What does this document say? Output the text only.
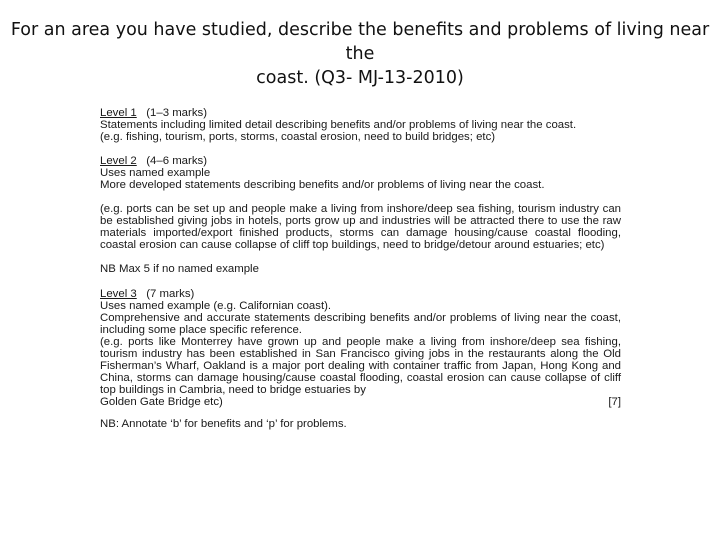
For an area you have studied, describe the benefits and problems of living near the
coast. (Q3- MJ-13-2010)

Level 1 (1–3 marks)

Statements including limited detail describing benefits and/or problems of living near the coast.

(e.g. fishing, tourism, ports, storms, coastal erosion, need to build bridges; etc)

Level 2 (4–6 marks)

Uses named example

More developed statements describing benefits and/or problems of living near the coast.

(e.g. ports can be set up and people make a living from inshore/deep sea fishing, tourism industry can be established giving jobs in hotels, ports grow up and industries will be attracted there to use the raw materials imported/export finished products, storms can damage housing/cause coastal flooding, coastal erosion can cause collapse of cliff top buildings, need to bridge/detour around estuaries; etc)

NB Max 5 if no named example

Level 3 (7 marks)

Uses named example (e.g. Californian coast).

Comprehensive and accurate statements describing benefits and/or problems of living near the coast, including some place specific reference.

(e.g. ports like Monterrey have grown up and people make a living from inshore/deep sea fishing, tourism industry has been established in San Francisco giving jobs in the restaurants along the Old Fisherman’s Wharf, Oakland is a major port dealing with container traffic from Japan, Hong Kong and China, storms can damage housing/cause coastal flooding, coastal erosion can cause collapse of cliff top buildings in Cambria, need to bridge estuaries by

Golden Gate Bridge etc)	[7]

NB: Annotate ‘b’ for benefits and ‘p’ for problems.
